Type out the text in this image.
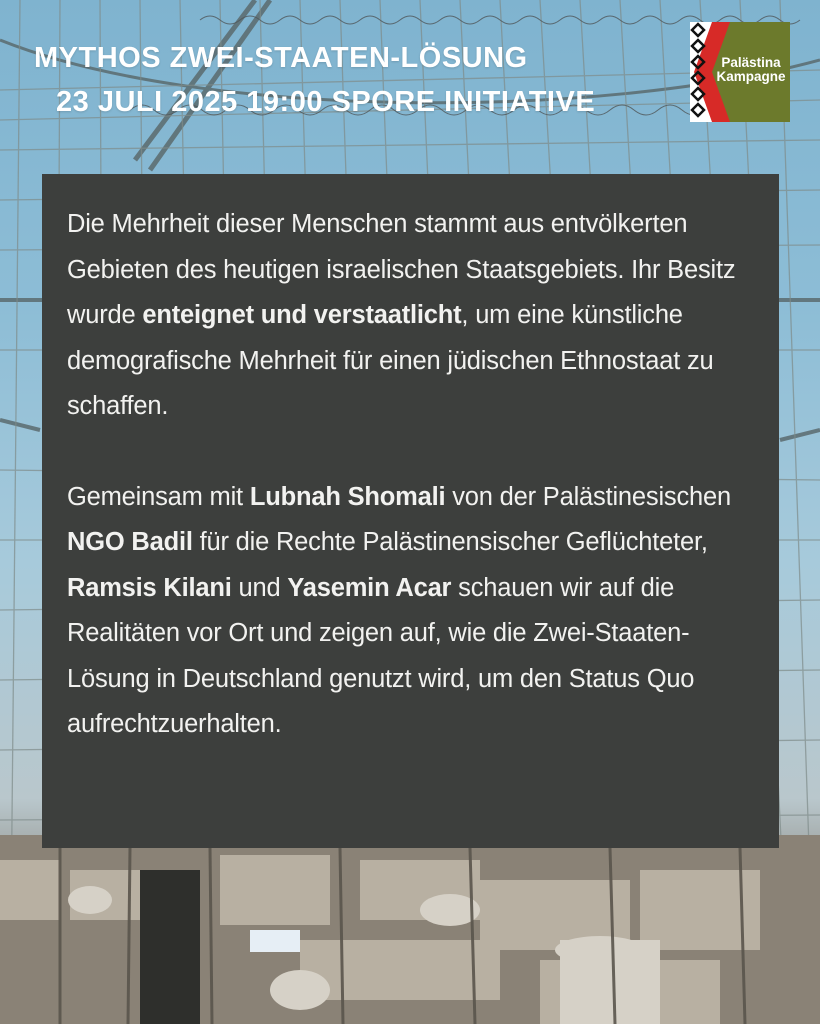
MYTHOS ZWEI-STAATEN-LÖSUNG
23 JULI 2025 19:00 SPORE INITIATIVE
Palästina
Kampagne

Die Mehrheit dieser Menschen stammt aus entvölkerten Gebieten des heutigen israelischen Staatsgebiets. Ihr Besitz wurde enteignet und verstaatlicht, um eine künstliche demografische Mehrheit für einen jüdischen Ethnostaat zu schaffen.

Gemeinsam mit Lubnah Shomali von der Palästinesischen NGO Badil für die Rechte Palästinensischer Geflüchteter, Ramsis Kilani und Yasemin Acar schauen wir auf die Realitäten vor Ort und zeigen auf, wie die Zwei-Staaten-Lösung in Deutschland genutzt wird, um den Status Quo aufrechtzuerhalten.
